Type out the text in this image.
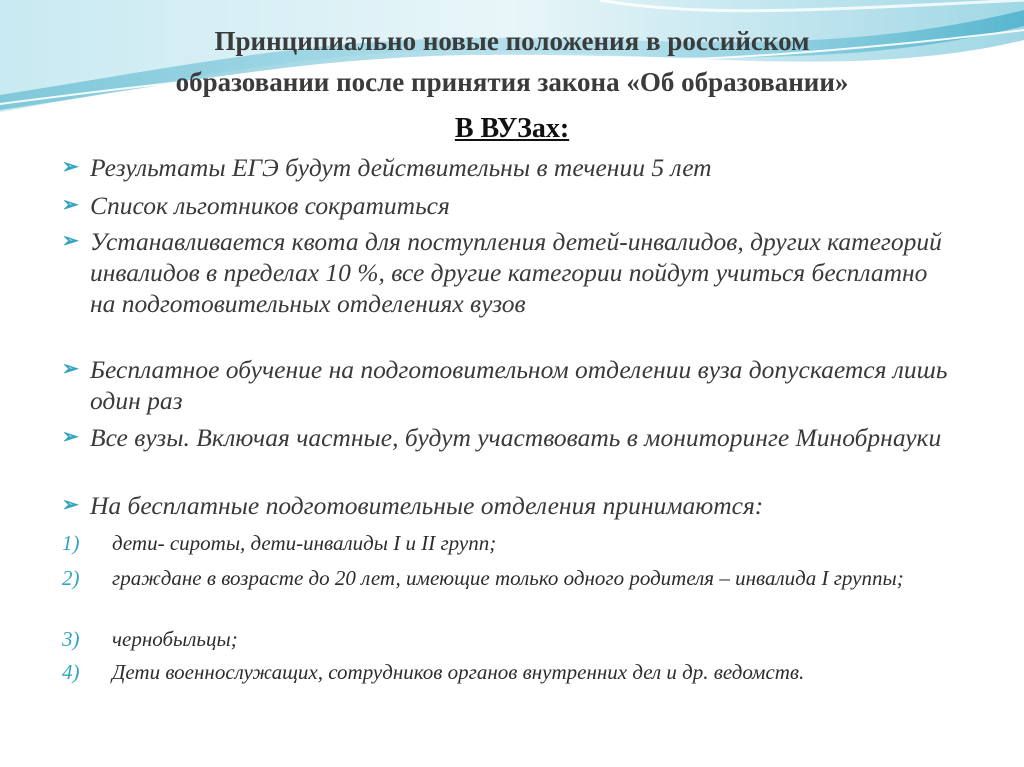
Принципиально новые положения в российском
образовании после принятия закона «Об образовании»
В ВУЗах:
➢ Результаты ЕГЭ будут действительны в течении 5 лет
➢ Список льготников сократиться
➢ Устанавливается квота для поступления детей-инвалидов, других категорий инвалидов в пределах 10 %, все другие категории пойдут учиться бесплатно на подготовительных отделениях вузов
➢ Бесплатное обучение на подготовительном отделении вуза допускается лишь один раз
➢ Все вузы. Включая частные, будут участвовать в мониторинге Минобрнауки
➢ На бесплатные подготовительные отделения принимаются:
1)	дети- сироты, дети-инвалиды I и II групп;
2)	граждане в возрасте до 20 лет, имеющие только одного родителя – инвалида I группы;
3)	чернобыльцы;
4)	Дети военнослужащих, сотрудников органов внутренних дел и др. ведомств.
